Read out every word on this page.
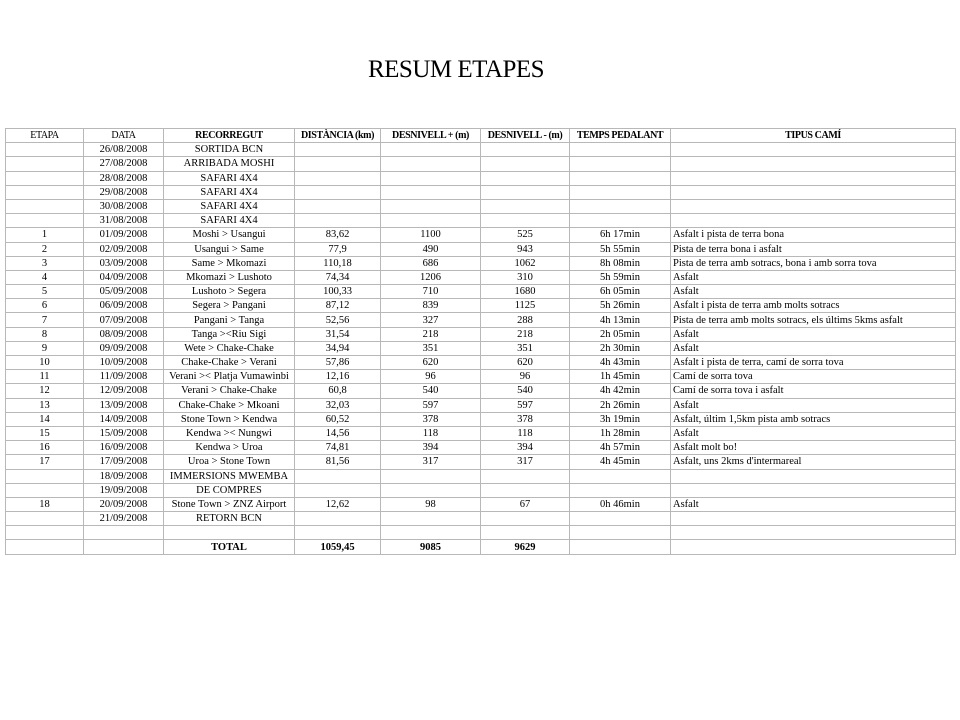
RESUM ETAPES
ETAPA	DATA	RECORREGUT	DISTÀNCIA (km)	DESNIVELL + (m)	DESNIVELL - (m)	TEMPS PEDALANT	TIPUS CAMÍ
	26/08/2008	SORTIDA BCN					
	27/08/2008	ARRIBADA MOSHI					
	28/08/2008	SAFARI 4X4					
	29/08/2008	SAFARI 4X4					
	30/08/2008	SAFARI 4X4					
	31/08/2008	SAFARI 4X4					
1	01/09/2008	Moshi > Usangui	83,62	1100	525	6h 17min	Asfalt i pista de terra bona
2	02/09/2008	Usangui > Same	77,9	490	943	5h 55min	Pista de terra bona i asfalt
3	03/09/2008	Same > Mkomazi	110,18	686	1062	8h 08min	Pista de terra amb sotracs, bona i amb sorra tova
4	04/09/2008	Mkomazi > Lushoto	74,34	1206	310	5h 59min	Asfalt
5	05/09/2008	Lushoto > Segera	100,33	710	1680	6h 05min	Asfalt
6	06/09/2008	Segera > Pangani	87,12	839	1125	5h 26min	Asfalt i pista de terra amb molts sotracs
7	07/09/2008	Pangani > Tanga	52,56	327	288	4h 13min	Pista de terra amb molts sotracs, els últims 5kms asfalt
8	08/09/2008	Tanga ><Riu Sigi	31,54	218	218	2h 05min	Asfalt
9	09/09/2008	Wete > Chake-Chake	34,94	351	351	2h 30min	Asfalt
10	10/09/2008	Chake-Chake > Verani	57,86	620	620	4h 43min	Asfalt i pista de terra, camí de sorra tova
11	11/09/2008	Verani >< Platja Vumawinbi	12,16	96	96	1h 45min	Camí de sorra tova
12	12/09/2008	Verani > Chake-Chake	60,8	540	540	4h 42min	Camí de sorra tova i asfalt
13	13/09/2008	Chake-Chake > Mkoani	32,03	597	597	2h 26min	Asfalt
14	14/09/2008	Stone Town > Kendwa	60,52	378	378	3h 19min	Asfalt, últim 1,5km pista amb sotracs
15	15/09/2008	Kendwa >< Nungwi	14,56	118	118	1h 28min	Asfalt
16	16/09/2008	Kendwa > Uroa	74,81	394	394	4h 57min	Asfalt molt bo!
17	17/09/2008	Uroa > Stone Town	81,56	317	317	4h 45min	Asfalt, uns 2kms d'intermareal
	18/09/2008	IMMERSIONS MWEMBA					
	19/09/2008	DE COMPRES					
18	20/09/2008	Stone Town > ZNZ Airport	12,62	98	67	0h 46min	Asfalt
	21/09/2008	RETORN BCN					

		TOTAL	1059,45	9085	9629		
